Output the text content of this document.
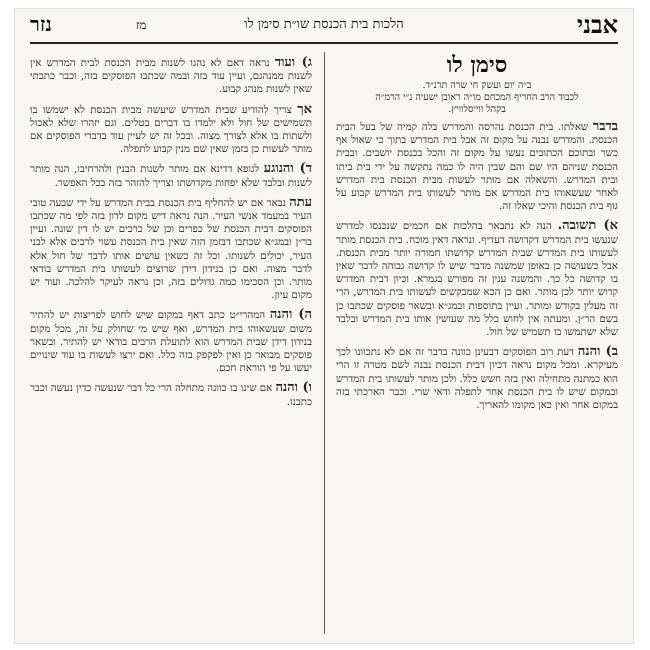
אבני
הלכות בית הכנסת שו״ת סימן לו
מז
נזר
סימן לו
ב״ה יום ועשק חי שרה תרנ״ד.
לכבוד הרב החריף המכחם מו״ה ראובן ישעיה נ״י הרמ״ה
בקהל ווייסלוויץ.

בדבר שאלתו. בית הכנסת נהרסה והמדרש בלה קמיה של בעל הבית הכנסת. והמדרש נבנה על מקום זה אבל בית המדרש בתוך כי שאול אף כשר ובתוכם הכתובים נעשו על מקום זה והכל בכנסת יושבים. ובבית הכנסת שניהם היו שם והם שבין היה לו כמה נתקשה על ידי בית ביתו ובית המדרש. והשאלה אם מותר לעשות מבית הכנסת בית המדרש לאחר שעשאוהו בית המדרש אם מותר לעשותו בית המדרש קבוע על גוף בית הכנסת והיכי שאלו זה.

א) תשובה. הנה לא נתבאר בהלכות אם חכמים שנכנסו למדרש שנעשו בית המדרש דקדושה דעדיף. ונראה דאין מוכח. בית הכנסת מותר לעשותו בית המדרש שבית המדרש קדושתו חמורה יותר מבית הכנסת. אבל כשעושה כן באופן שמשנה מדבר שיש לו קדושה גבוהה לדבר שאין בו קדושה כל כך. והמשנה ענין זה מפורש בגמרא. וכיון דבית המדרש קדוש יותר לכן מותר. ואם כן הכא שמבקשים לעשותו בית המדרש, הרי זה מעלין בקודש ומותר. ועיין בתוספות ובמג״א ובשאר פוסקים שכתבו כן בשם הר״ן. ומעתה אין לחוש כלל מה שעושין אותו בית המדרש ובלבד שלא ישתמשו בו תשמיש של חול.

ב) והנה דעת רוב הפוסקים דבעינן כוונה בדבר זה אם לא נתכוונו לכך מעיקרא. ומכל מקום נראה דכיון דבית הכנסת נבנה לשם מטרה זו הרי הוא כמתנה מתחילה ואין בזה חשש כלל. ולכן מותר לעשותו בית המדרש ובמקום שיש לו בית הכנסת אחר לתפלה ודאי שרי. וכבר הארכתי בזה במקום אחר ואין כאן מקומו להאריך.

ג) ועוד נראה דאם לא נהגו לשנות מבית הכנסת לבית המדרש אין לשנות ממנהגם, ועיין עוד בזה ובמה שכתבו הפוסקים בזה, וכבר כתבתי שאין לשנות מנהג קבוע.

אך צריך להודיע שבית המדרש שיעשה מבית הכנסת לא ישמשו בו תשמישים של חול ולא ילמדו בו דברים בטלים. וגם יזהרו שלא לאכול ולשתות בו אלא לצורך מצוה. ובכל זה יש לעיין עוד בדברי הפוסקים אם מותר לעשות כן בזמן שאין שם מנין קבוע לתפלה.

ד) והנוגע לגופא דדינא אם מותר לשנות הבנין ולהרחיבו, הנה מותר לשנות ובלבד שלא יפחות מקדושתו וצריך להזהר בזה בכל האפשר.

עתה נבאר אם יש להחליף בית הכנסת בבית המדרש על ידי שבעה טובי העיר במעמד אנשי העיר. הנה נראה דיש מקום לדון בזה לפי מה שכתבו הפוסקים דבית הכנסת של כפרים וכן של כרכים יש לו דין שונה. ועיין בר״ן ובמג״א שכתבו דבזמן הזה שאין בית הכנסת עשוי לרבים אלא לבני העיר, יכולים לשנותו. וכל זה כשאין עושים אותו לדבר של חול אלא לדבר מצוה. ואם כן בנידון דידן שרוצים לעשותו בית המדרש בודאי מותר. וכן הסכימו כמה גדולים בזה, וכן נראה לעיקר להלכה. ועוד יש מקום עיון.

ה) והנה המהרי״ט כתב דאף במקום שיש לחוש לפריצות יש להתיר משום שעשאוהו בית המדרש, ואף שיש מי שחולק על זה, מכל מקום בנידון דידן שבית המדרש הוא לתועלת הרבים בודאי יש להתיר. ובשאר פוסקים מבואר כן ואין לפקפק בזה כלל. ואם ירצו לעשות בו עוד שינויים יעשו על פי הוראת חכם.

ו) והנה אם שינו בו כוונה מתחלה הרי כל דבר שנעשה כדין נעשה וכבר כתבנו.
